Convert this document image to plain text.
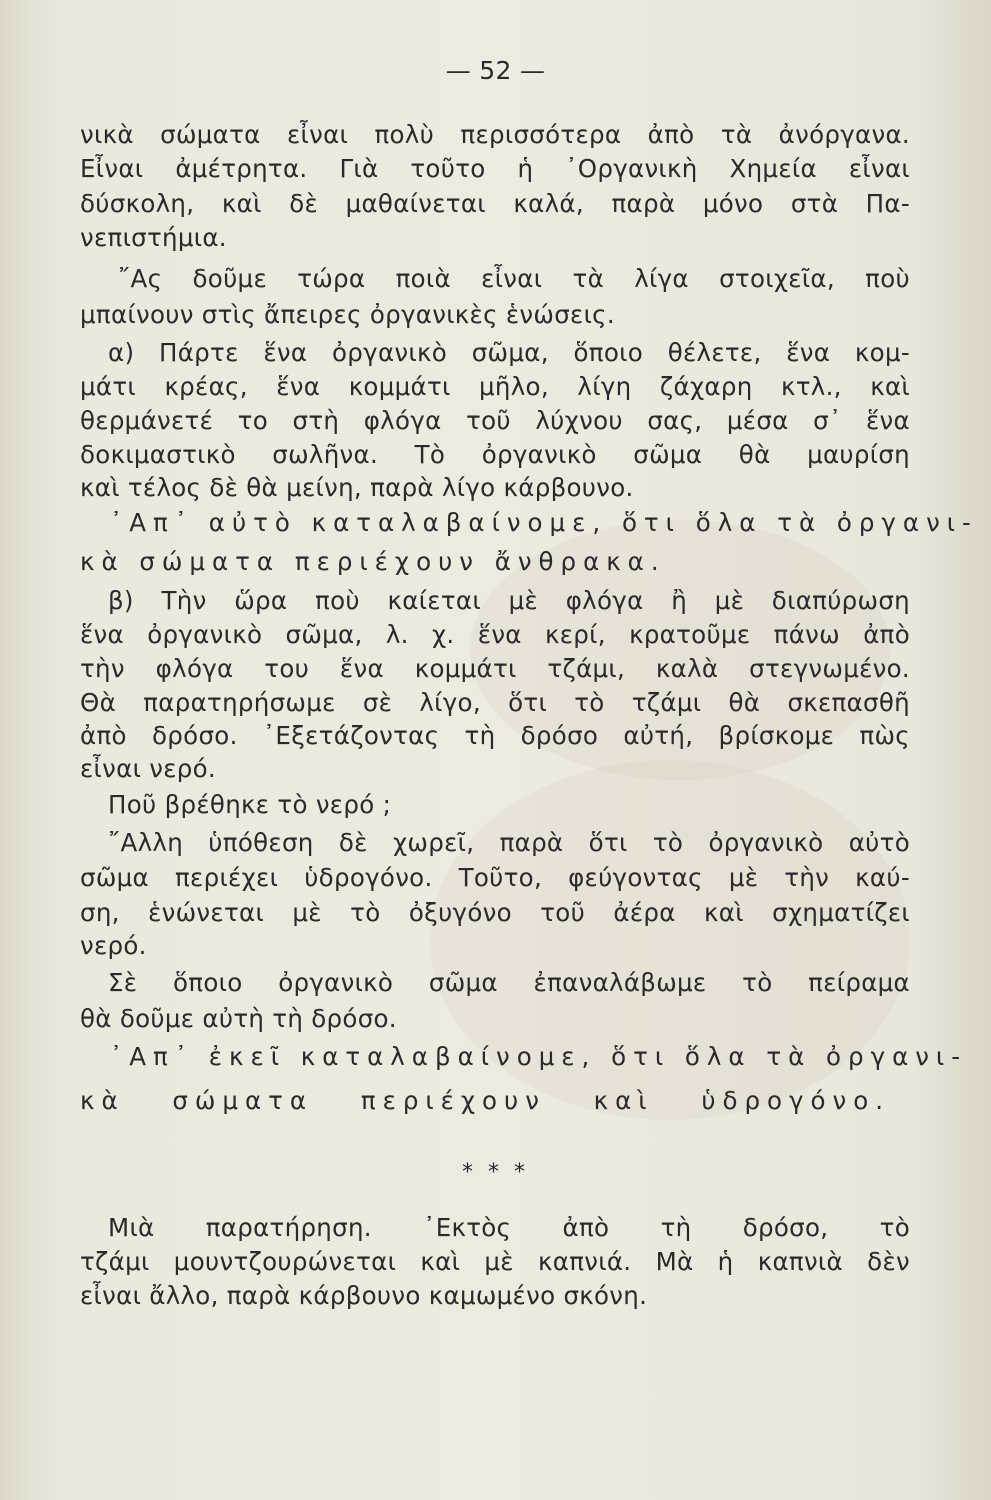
— 52 —
νικὰ σώματα εἶναι πολὺ περισσότερα ἀπὸ τὰ ἀνόργανα.
Εἶναι ἀμέτρητα. Γιὰ τοῦτο ἡ ᾿Οργανικὴ Χημεία εἶναι
δύσκολη, καὶ δὲ μαθαίνεται καλά, παρὰ μόνο στὰ Πα-
νεπιστήμια.
῎Ας δοῦμε τώρα ποιὰ εἶναι τὰ λίγα στοιχεῖα, ποὺ
μπαίνουν στὶς ἄπειρες ὀργανικὲς ἑνώσεις.
α) Πάρτε ἕνα ὀργανικὸ σῶμα, ὅποιο θέλετε, ἕνα κομ-
μάτι κρέας, ἕνα κομμάτι μῆλο, λίγη ζάχαρη κτλ., καὶ
θερμάνετέ το στὴ φλόγα τοῦ λύχνου σας, μέσα σ᾿ ἕνα
δοκιμαστικὸ σωλῆνα. Τὸ ὀργανικὸ σῶμα θὰ μαυρίση
καὶ τέλος δὲ θὰ μείνη, παρὰ λίγο κάρβουνο.
᾿Απ᾿ αὐτὸ καταλαβαίνομε, ὅτι ὅλα τὰ ὀργανι-
κὰ σώματα περιέχουν ἄνθρακα.
β) Τὴν ὥρα ποὺ καίεται μὲ φλόγα ἢ μὲ διαπύρωση
ἕνα ὀργανικὸ σῶμα, λ. χ. ἕνα κερί, κρατοῦμε πάνω ἀπὸ
τὴν φλόγα του ἕνα κομμάτι τζάμι, καλὰ στεγνωμένο.
Θὰ παρατηρήσωμε σὲ λίγο, ὅτι τὸ τζάμι θὰ σκεπασθῆ
ἀπὸ δρόσο. ᾿Εξετάζοντας τὴ δρόσο αὐτή, βρίσκομε πὼς
εἶναι νερό.
Ποῦ βρέθηκε τὸ νερό ;
῎Αλλη ὑπόθεση δὲ χωρεῖ, παρὰ ὅτι τὸ ὀργανικὸ αὐτὸ
σῶμα περιέχει ὑδρογόνο. Τοῦτο, φεύγοντας μὲ τὴν καύ-
ση, ἑνώνεται μὲ τὸ ὀξυγόνο τοῦ ἀέρα καὶ σχηματίζει
νερό.
Σὲ ὅποιο ὀργανικὸ σῶμα ἐπαναλάβωμε τὸ πείραμα
θὰ δοῦμε αὐτὴ τὴ δρόσο.
᾿Απ᾿ ἐκεῖ καταλαβαίνομε, ὅτι ὅλα τὰ ὀργανι-
κὰ σώματα περιέχουν καὶ ὑδρογόνο.
* * *
Μιὰ παρατήρηση. ᾿Εκτὸς ἀπὸ τὴ δρόσο, τὸ
τζάμι μουντζουρώνεται καὶ μὲ καπνιά. Μὰ ἡ καπνιὰ δὲν
εἶναι ἄλλο, παρὰ κάρβουνο καμωμένο σκόνη.
